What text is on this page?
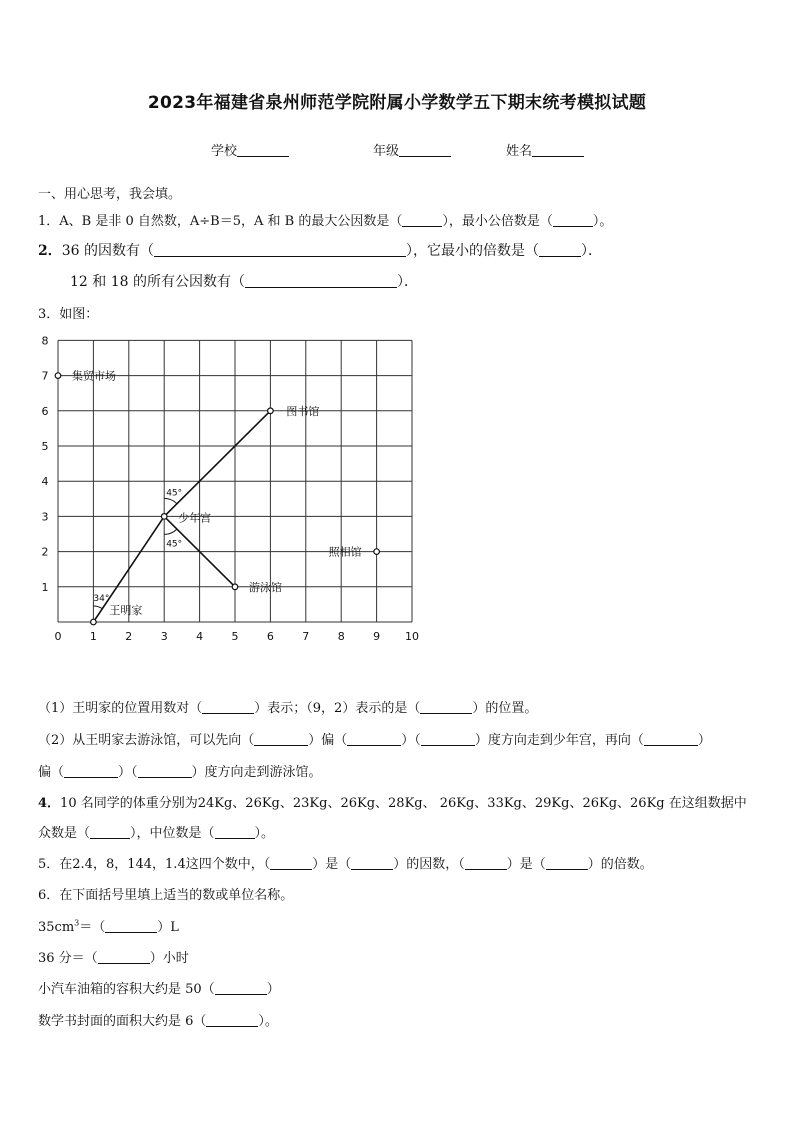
2023年福建省泉州师范学院附属小学数学五下期末统考模拟试题
学校	年级	姓名
一、用心思考，我会填。
1．A、B 是非 0 自然数，A÷B＝5，A 和 B 的最大公因数是（	），最小公倍数是（	）。
2．36 的因数有（	），它最小的倍数是（	）．
12 和 18 的所有公因数有（	）．
3．如图：
0	1	2	3	4	5	6	7	8	9 10
1
2
3
4
5
6
7
8
34°
45°
45°
集贸市场
图书馆
少年宫
照相馆
游泳馆
王明家
（1）王明家的位置用数对（	）表示；（9，2）表示的是（	）的位置。
（2）从王明家去游泳馆，可以先向（	）偏（	）（	）度方向走到少年宫，再向（	）
偏（	）（	）度方向走到游泳馆。
4．10 名同学的体重分别为24Kg、26Kg、23Kg、26Kg、28Kg、 26Kg、33Kg、29Kg、26Kg、26Kg 在这组数据中
众数是（	），中位数是（	）。
5．在2.4，8，144，1.4这四个数中，（	）是（	）的因数，（	）是（	）的倍数。
6．在下面括号里填上适当的数或单位名称。
$35cm^3=$（	）L
36 分＝（	）小时
小汽车油箱的容积大约是 50（	）
数学书封面的面积大约是 6（	）。
